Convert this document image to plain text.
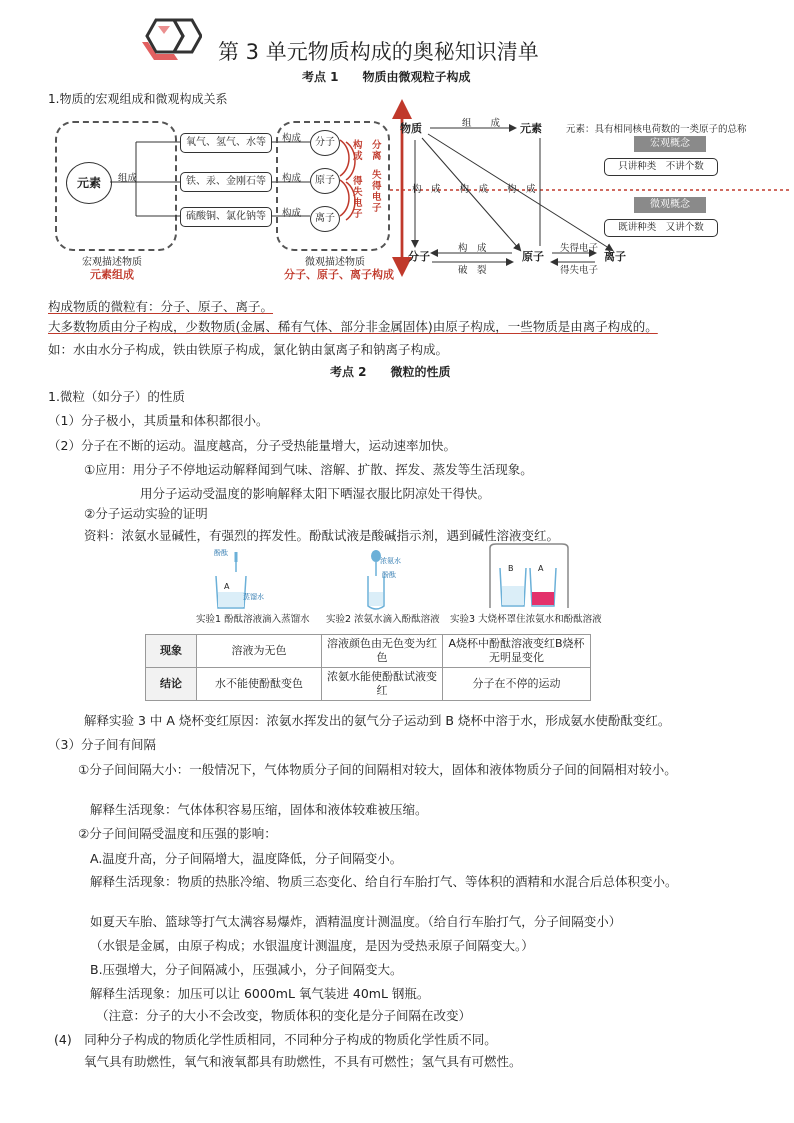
第 3 单元物质构成的奥秘知识清单
考点 1　　物质由微观粒子构成
1.物质的宏观组成和微观构成关系
元素	组成
氧气、氢气、水等
铁、汞、金刚石等
硫酸铜、氯化钠等
构成
构成
构成
分子
原子
离子
构成
分离
得失电子
失得电子
宏观描述物质
元素组成
微观描述物质
分子、原子、离子构成
物质	元素
组　　成
构　成　　构　成　　构　成
分子	原子	离子
构　成
破　裂
失得电子
得失电子
元素：具有相同核电荷数的一类原子的总称
宏观概念
只讲种类　不讲个数
微观概念
既讲种类　又讲个数
构成物质的微粒有：分子、原子、离子。
大多数物质由分子构成，少数物质(金属、稀有气体、部分非金属固体)由原子构成，一些物质是由离子构成的。
如：水由水分子构成，铁由铁原子构成，氯化钠由氯离子和钠离子构成。
考点 2　　微粒的性质
1.微粒（如分子）的性质
（1）分子极小，其质量和体积都很小。
（2）分子在不断的运动。温度越高，分子受热能量增大，运动速率加快。
①应用：用分子不停地运动解释闻到气味、溶解、扩散、挥发、蒸发等生活现象。
用分子运动受温度的影响解释太阳下晒湿衣服比阴凉处干得快。
②分子运动实验的证明
资料：浓氨水显碱性，有强烈的挥发性。酚酞试液是酸碱指示剂，遇到碱性溶液变红。
酚酞
A
蒸馏水
实验1 酚酞溶液滴入蒸馏水
浓氨水
酚酞
实验2 浓氨水滴入酚酞溶液
B	A
实验3 大烧杯罩住浓氨水和酚酞溶液
现象	溶液为无色	溶液颜色由无色变为红色	A烧杯中酚酞溶液变红B烧杯无明显变化
结论	水不能使酚酞变色	浓氨水能使酚酞试液变红	分子在不停的运动
解释实验 3 中 A 烧杯变红原因：浓氨水挥发出的氨气分子运动到 B 烧杯中溶于水，形成氨水使酚酞变红。
（3）分子间有间隔
①分子间间隔大小：一般情况下，气体物质分子间的间隔相对较大，固体和液体物质分子间的间隔相对较小。
解释生活现象：气体体积容易压缩，固体和液体较难被压缩。
②分子间间隔受温度和压强的影响：
A.温度升高，分子间隔增大，温度降低，分子间隔变小。
解释生活现象：物质的热胀冷缩、物质三态变化、给自行车胎打气、等体积的酒精和水混合后总体积变小。
如夏天车胎、篮球等打气太满容易爆炸，酒精温度计测温度。（给自行车胎打气，分子间隔变小）
（水银是金属，由原子构成；水银温度计测温度，是因为受热汞原子间隔变大。）
B.压强增大，分子间隔减小，压强减小，分子间隔变大。
解释生活现象：加压可以让 6000mL 氧气装进 40mL 钢瓶。
（注意：分子的大小不会改变，物质体积的变化是分子间隔在改变）
(4)　同种分子构成的物质化学性质相同，不同种分子构成的物质化学性质不同。
氧气具有助燃性，氧气和液氧都具有助燃性，不具有可燃性；氢气具有可燃性。
